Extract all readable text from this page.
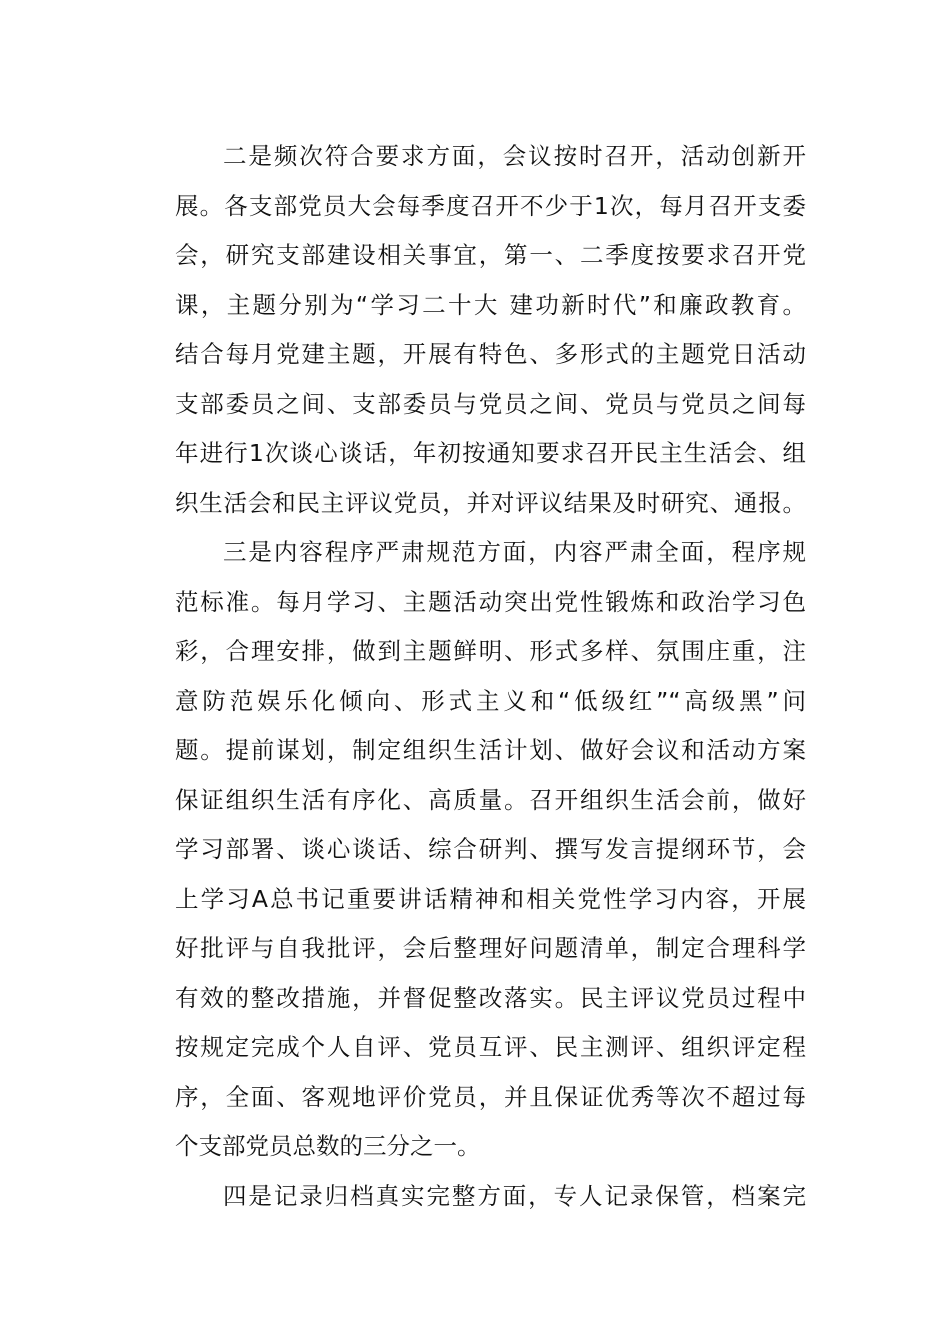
二是频次符合要求方面，会议按时召开，活动创新开
展。各支部党员大会每季度召开不少于1次，每月召开支委
会，研究支部建设相关事宜，第一、二季度按要求召开党
课，主题分别为“学习二十大 建功新时代”和廉政教育。
结合每月党建主题，开展有特色、多形式的主题党日活动
支部委员之间、支部委员与党员之间、党员与党员之间每
年进行1次谈心谈话，年初按通知要求召开民主生活会、组
织生活会和民主评议党员，并对评议结果及时研究、通报。
三是内容程序严肃规范方面，内容严肃全面，程序规
范标准。每月学习、主题活动突出党性锻炼和政治学习色
彩，合理安排，做到主题鲜明、形式多样、氛围庄重，注
意防范娱乐化倾向、形式主义和“低级红”“高级黑”问
题。提前谋划，制定组织生活计划、做好会议和活动方案
保证组织生活有序化、高质量。召开组织生活会前，做好
学习部署、谈心谈话、综合研判、撰写发言提纲环节，会
上学习A总书记重要讲话精神和相关党性学习内容，开展
好批评与自我批评，会后整理好问题清单，制定合理科学
有效的整改措施，并督促整改落实。民主评议党员过程中
按规定完成个人自评、党员互评、民主测评、组织评定程
序，全面、客观地评价党员，并且保证优秀等次不超过每
个支部党员总数的三分之一。
四是记录归档真实完整方面，专人记录保管，档案完
